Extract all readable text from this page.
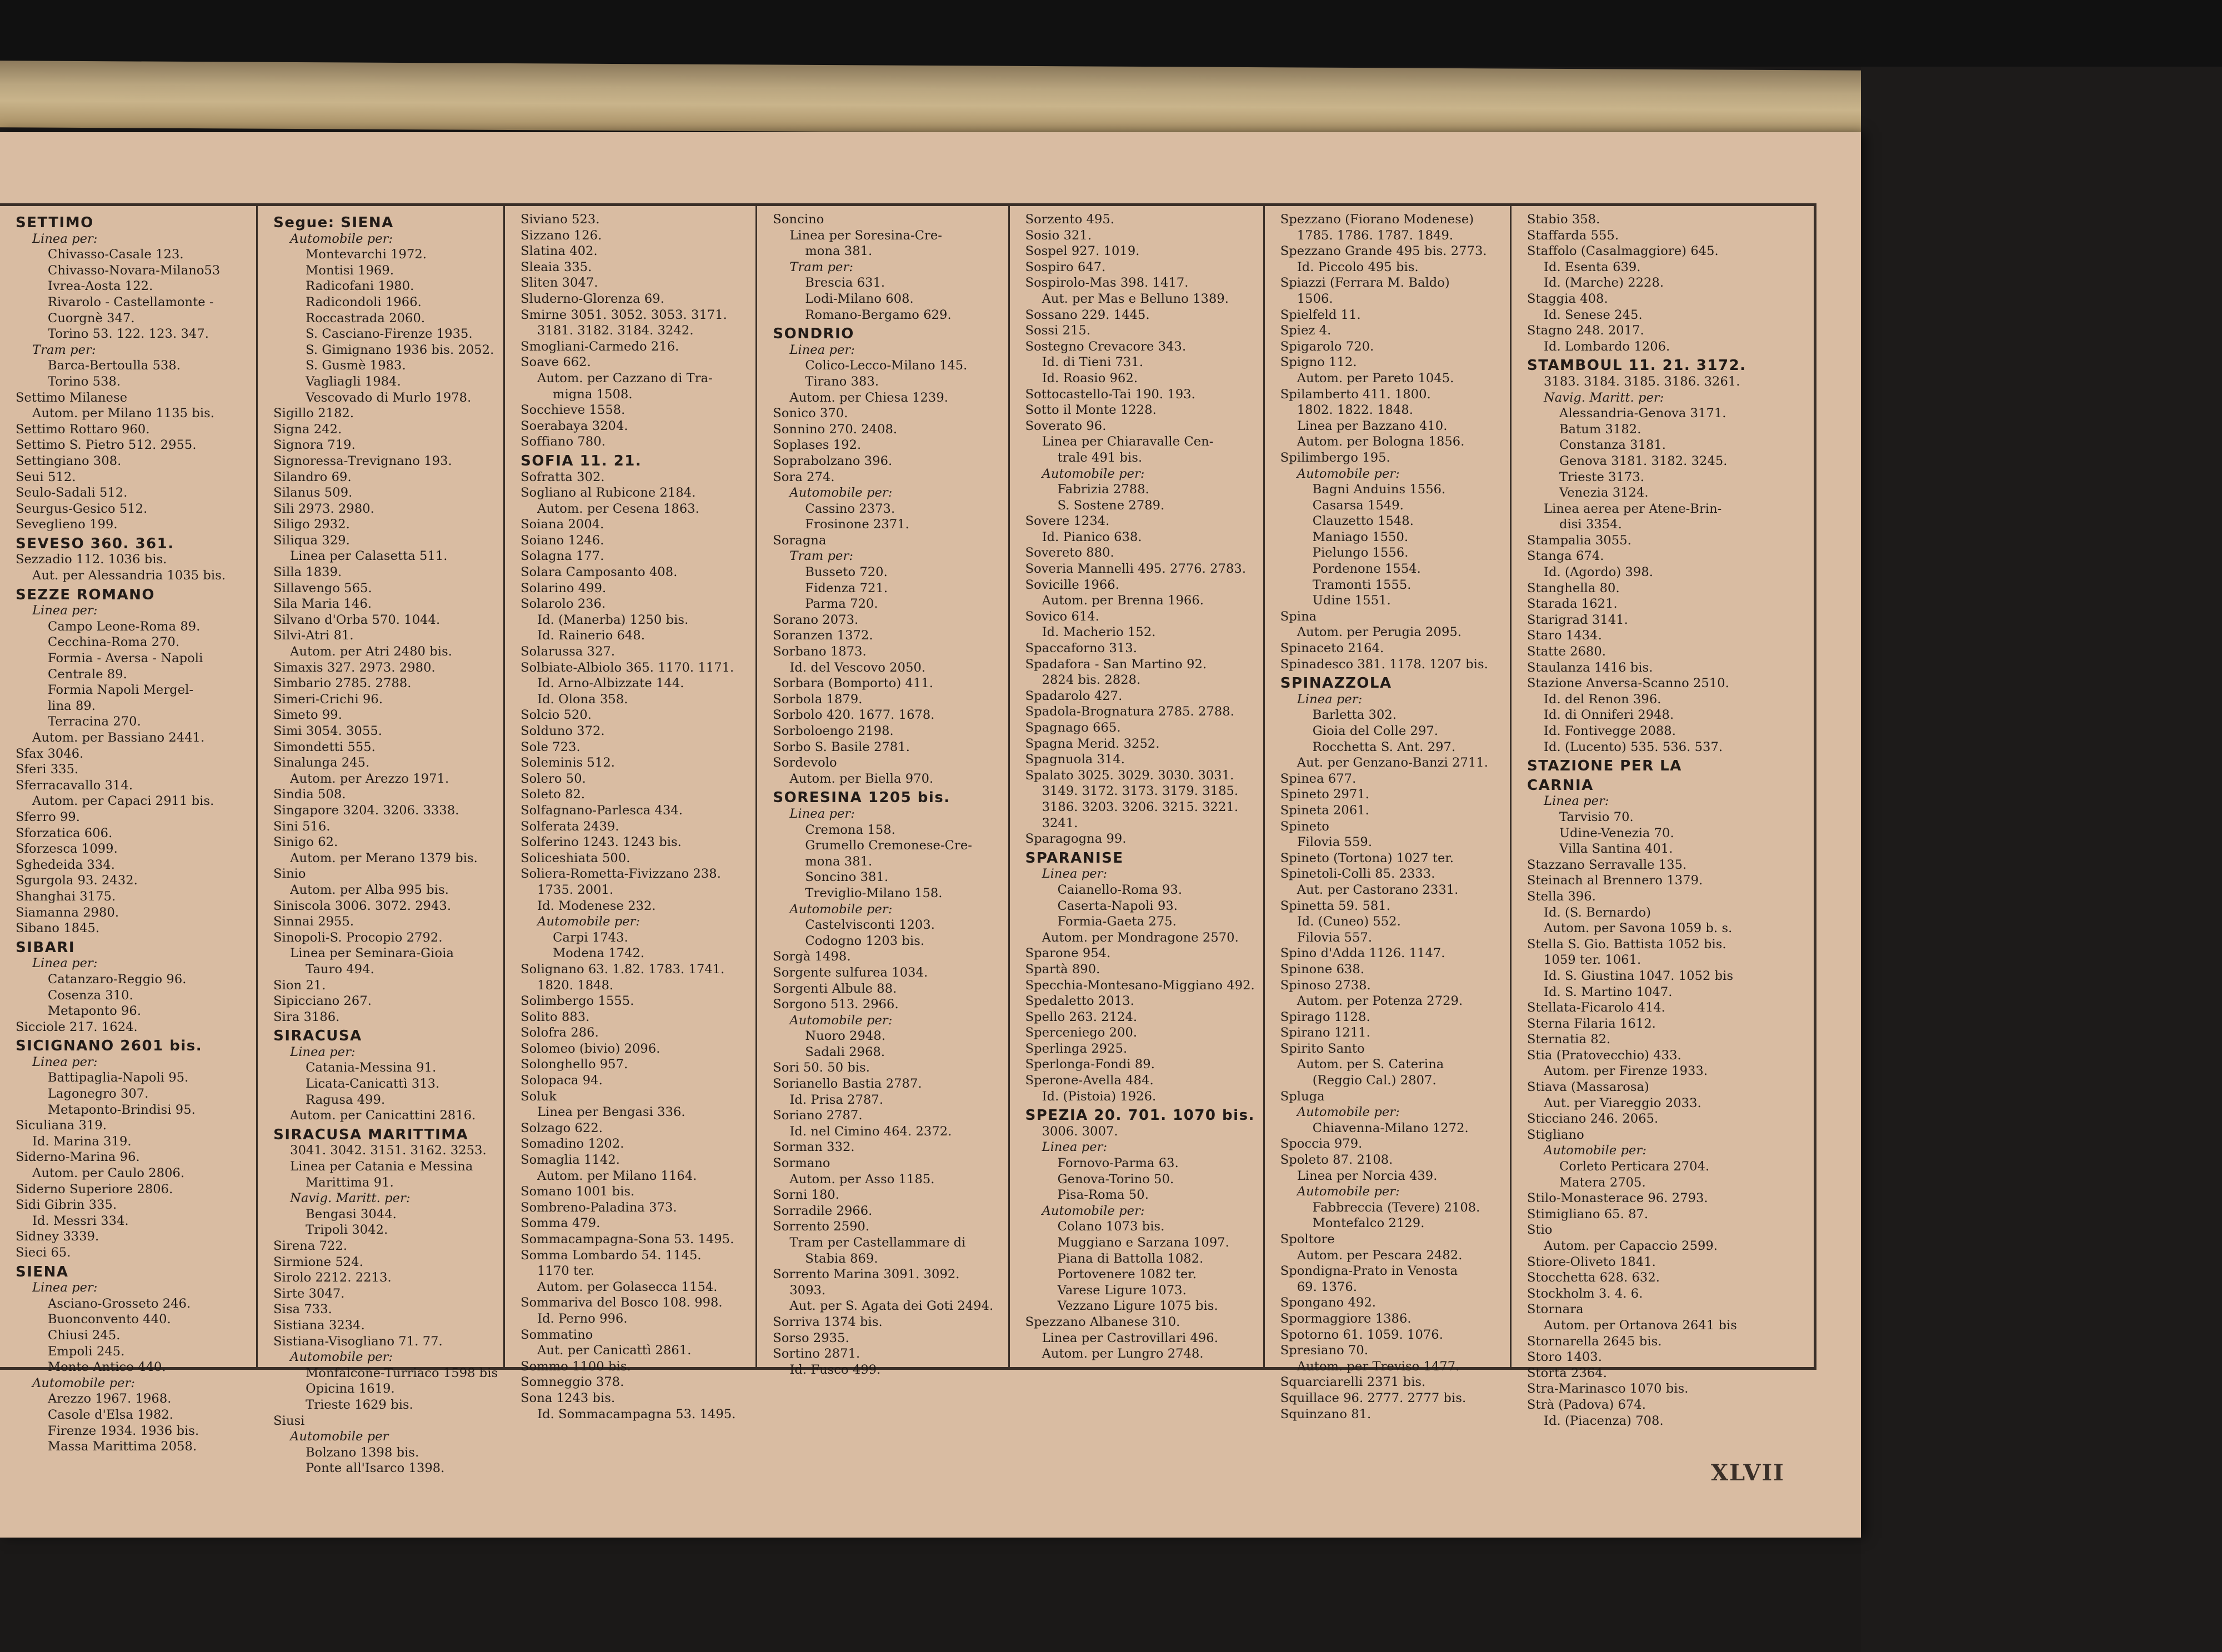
SETTIMO
Linea per:
Chivasso-Casale 123.
Chivasso-Novara-Milano53
Ivrea-Aosta 122.
Rivarolo - Castellamonte -
Cuorgnè 347.
Torino 53. 122. 123. 347.
Tram per:
Barca-Bertoulla 538.
Torino 538.
Settimo Milanese
Autom. per Milano 1135 bis.
Settimo Rottaro 960.
Settimo S. Pietro 512. 2955.
Settingiano 308.
Seui 512.
Seulo-Sadali 512.
Seurgus-Gesico 512.
Seveglieno 199.
SEVESO 360. 361.
Sezzadio 112. 1036 bis.
Aut. per Alessandria 1035 bis.
SEZZE ROMANO
Linea per:
Campo Leone-Roma 89.
Cecchina-Roma 270.
Formia - Aversa - Napoli
Centrale 89.
Formia Napoli Mergel-
lina 89.
Terracina 270.
Autom. per Bassiano 2441.
Sfax 3046.
Sferi 335.
Sferracavallo 314.
Autom. per Capaci 2911 bis.
Sferro 99.
Sforzatica 606.
Sforzesca 1099.
Sghedeida 334.
Sgurgola 93. 2432.
Shanghai 3175.
Siamanna 2980.
Sibano 1845.
SIBARI
Linea per:
Catanzaro-Reggio 96.
Cosenza 310.
Metaponto 96.
Sicciole 217. 1624.
SICIGNANO 2601 bis.
Linea per:
Battipaglia-Napoli 95.
Lagonegro 307.
Metaponto-Brindisi 95.
Siculiana 319.
Id. Marina 319.
Siderno-Marina 96.
Autom. per Caulo 2806.
Siderno Superiore 2806.
Sidi Gibrin 335.
Id. Messri 334.
Sidney 3339.
Sieci 65.
SIENA
Linea per:
Asciano-Grosseto 246.
Buonconvento 440.
Chiusi 245.
Empoli 245.
Monte Antico 440.
Automobile per:
Arezzo 1967. 1968.
Casole d'Elsa 1982.
Firenze 1934. 1936 bis.
Massa Marittima 2058.
Segue: SIENA
Automobile per:
Montevarchi 1972.
Montisi 1969.
Radicofani 1980.
Radicondoli 1966.
Roccastrada 2060.
S. Casciano-Firenze 1935.
S. Gimignano 1936 bis. 2052.
S. Gusmè 1983.
Vagliagli 1984.
Vescovado di Murlo 1978.
Sigillo 2182.
Signa 242.
Signora 719.
Signoressa-Trevignano 193.
Silandro 69.
Silanus 509.
Sili 2973. 2980.
Siligo 2932.
Siliqua 329.
Linea per Calasetta 511.
Silla 1839.
Sillavengo 565.
Sila Maria 146.
Silvano d'Orba 570. 1044.
Silvi-Atri 81.
Autom. per Atri 2480 bis.
Simaxis 327. 2973. 2980.
Simbario 2785. 2788.
Simeri-Crichi 96.
Simeto 99.
Simi 3054. 3055.
Simondetti 555.
Sinalunga 245.
Autom. per Arezzo 1971.
Sindia 508.
Singapore 3204. 3206. 3338.
Sini 516.
Sinigo 62.
Autom. per Merano 1379 bis.
Sinio
Autom. per Alba 995 bis.
Siniscola 3006. 3072. 2943.
Sinnai 2955.
Sinopoli-S. Procopio 2792.
Linea per Seminara-Gioia
Tauro 494.
Sion 21.
Sipicciano 267.
Sira 3186.
SIRACUSA
Linea per:
Catania-Messina 91.
Licata-Canicattì 313.
Ragusa 499.
Autom. per Canicattini 2816.
SIRACUSA MARITTIMA
3041. 3042. 3151. 3162. 3253.
Linea per Catania e Messina
Marittima 91.
Navig. Maritt. per:
Bengasi 3044.
Tripoli 3042.
Sirena 722.
Sirmione 524.
Sirolo 2212. 2213.
Sirte 3047.
Sisa 733.
Sistiana 3234.
Sistiana-Visogliano 71. 77.
Automobile per:
Monfalcone-Turriaco 1598 bis
Opicina 1619.
Trieste 1629 bis.
Siusi
Automobile per
Bolzano 1398 bis.
Ponte all'Isarco 1398.
Siviano 523.
Sizzano 126.
Slatina 402.
Sleaia 335.
Sliten 3047.
Sluderno-Glorenza 69.
Smirne 3051. 3052. 3053. 3171.
3181. 3182. 3184. 3242.
Smogliani-Carmedo 216.
Soave 662.
Autom. per Cazzano di Tra-
migna 1508.
Socchieve 1558.
Soerabaya 3204.
Soffiano 780.
SOFIA 11. 21.
Sofratta 302.
Sogliano al Rubicone 2184.
Autom. per Cesena 1863.
Soiana 2004.
Soiano 1246.
Solagna 177.
Solara Camposanto 408.
Solarino 499.
Solarolo 236.
Id. (Manerba) 1250 bis.
Id. Rainerio 648.
Solarussa 327.
Solbiate-Albiolo 365. 1170. 1171.
Id. Arno-Albizzate 144.
Id. Olona 358.
Solcio 520.
Solduno 372.
Sole 723.
Soleminis 512.
Solero 50.
Soleto 82.
Solfagnano-Parlesca 434.
Solferata 2439.
Solferino 1243. 1243 bis.
Soliceshiata 500.
Soliera-Rometta-Fivizzano 238.
1735. 2001.
Id. Modenese 232.
Automobile per:
Carpi 1743.
Modena 1742.
Solignano 63. 1.82. 1783. 1741.
1820. 1848.
Solimbergo 1555.
Solito 883.
Solofra 286.
Solomeo (bivio) 2096.
Solonghello 957.
Solopaca 94.
Soluk
Linea per Bengasi 336.
Solzago 622.
Somadino 1202.
Somaglia 1142.
Autom. per Milano 1164.
Somano 1001 bis.
Sombreno-Paladina 373.
Somma 479.
Sommacampagna-Sona 53. 1495.
Somma Lombardo 54. 1145.
1170 ter.
Autom. per Golasecca 1154.
Sommariva del Bosco 108. 998.
Id. Perno 996.
Sommatino
Aut. per Canicattì 2861.
Sommo 1100 bis.
Somneggio 378.
Sona 1243 bis.
Id. Sommacampagna 53. 1495.
Soncino
Linea per Soresina-Cre-
mona 381.
Tram per:
Brescia 631.
Lodi-Milano 608.
Romano-Bergamo 629.
SONDRIO
Linea per:
Colico-Lecco-Milano 145.
Tirano 383.
Autom. per Chiesa 1239.
Sonico 370.
Sonnino 270. 2408.
Soplases 192.
Soprabolzano 396.
Sora 274.
Automobile per:
Cassino 2373.
Frosinone 2371.
Soragna
Tram per:
Busseto 720.
Fidenza 721.
Parma 720.
Sorano 2073.
Soranzen 1372.
Sorbano 1873.
Id. del Vescovo 2050.
Sorbara (Bomporto) 411.
Sorbola 1879.
Sorbolo 420. 1677. 1678.
Sorboloengo 2198.
Sorbo S. Basile 2781.
Sordevolo
Autom. per Biella 970.
SORESINA 1205 bis.
Linea per:
Cremona 158.
Grumello Cremonese-Cre-
mona 381.
Soncino 381.
Treviglio-Milano 158.
Automobile per:
Castelvisconti 1203.
Codogno 1203 bis.
Sorgà 1498.
Sorgente sulfurea 1034.
Sorgenti Albule 88.
Sorgono 513. 2966.
Automobile per:
Nuoro 2948.
Sadali 2968.
Sori 50. 50 bis.
Sorianello Bastia 2787.
Id. Prisa 2787.
Soriano 2787.
Id. nel Cimino 464. 2372.
Sorman 332.
Sormano
Autom. per Asso 1185.
Sorni 180.
Sorradile 2966.
Sorrento 2590.
Tram per Castellammare di
Stabia 869.
Sorrento Marina 3091. 3092.
3093.
Aut. per S. Agata dei Goti 2494.
Sorriva 1374 bis.
Sorso 2935.
Sortino 2871.
Id. Fusco 499.
Sorzento 495.
Sosio 321.
Sospel 927. 1019.
Sospiro 647.
Sospirolo-Mas 398. 1417.
Aut. per Mas e Belluno 1389.
Sossano 229. 1445.
Sossi 215.
Sostegno Crevacore 343.
Id. di Tieni 731.
Id. Roasio 962.
Sottocastello-Tai 190. 193.
Sotto il Monte 1228.
Soverato 96.
Linea per Chiaravalle Cen-
trale 491 bis.
Automobile per:
Fabrizia 2788.
S. Sostene 2789.
Sovere 1234.
Id. Pianico 638.
Sovereto 880.
Soveria Mannelli 495. 2776. 2783.
Sovicille 1966.
Autom. per Brenna 1966.
Sovico 614.
Id. Macherio 152.
Spaccaforno 313.
Spadafora - San Martino 92.
2824 bis. 2828.
Spadarolo 427.
Spadola-Brognatura 2785. 2788.
Spagnago 665.
Spagna Merid. 3252.
Spagnuola 314.
Spalato 3025. 3029. 3030. 3031.
3149. 3172. 3173. 3179. 3185.
3186. 3203. 3206. 3215. 3221.
3241.
Sparagogna 99.
SPARANISE
Linea per:
Caianello-Roma 93.
Caserta-Napoli 93.
Formia-Gaeta 275.
Autom. per Mondragone 2570.
Sparone 954.
Spartà 890.
Specchia-Montesano-Miggiano 492.
Spedaletto 2013.
Spello 263. 2124.
Sperceniego 200.
Sperlinga 2925.
Sperlonga-Fondi 89.
Sperone-Avella 484.
Id. (Pistoia) 1926.
SPEZIA 20. 701. 1070 bis.
3006. 3007.
Linea per:
Fornovo-Parma 63.
Genova-Torino 50.
Pisa-Roma 50.
Automobile per:
Colano 1073 bis.
Muggiano e Sarzana 1097.
Piana di Battolla 1082.
Portovenere 1082 ter.
Varese Ligure 1073.
Vezzano Ligure 1075 bis.
Spezzano Albanese 310.
Linea per Castrovillari 496.
Autom. per Lungro 2748.
Spezzano (Fiorano Modenese)
1785. 1786. 1787. 1849.
Spezzano Grande 495 bis. 2773.
Id. Piccolo 495 bis.
Spiazzi (Ferrara M. Baldo)
1506.
Spielfeld 11.
Spiez 4.
Spigarolo 720.
Spigno 112.
Autom. per Pareto 1045.
Spilamberto 411. 1800.
1802. 1822. 1848.
Linea per Bazzano 410.
Autom. per Bologna 1856.
Spilimbergo 195.
Automobile per:
Bagni Anduins 1556.
Casarsa 1549.
Clauzetto 1548.
Maniago 1550.
Pielungo 1556.
Pordenone 1554.
Tramonti 1555.
Udine 1551.
Spina
Autom. per Perugia 2095.
Spinaceto 2164.
Spinadesco 381. 1178. 1207 bis.
SPINAZZOLA
Linea per:
Barletta 302.
Gioia del Colle 297.
Rocchetta S. Ant. 297.
Aut. per Genzano-Banzi 2711.
Spinea 677.
Spineto 2971.
Spineta 2061.
Spineto
Filovia 559.
Spineto (Tortona) 1027 ter.
Spinetoli-Colli 85. 2333.
Aut. per Castorano 2331.
Spinetta 59. 581.
Id. (Cuneo) 552.
Filovia 557.
Spino d'Adda 1126. 1147.
Spinone 638.
Spinoso 2738.
Autom. per Potenza 2729.
Spirago 1128.
Spirano 1211.
Spirito Santo
Autom. per S. Caterina
(Reggio Cal.) 2807.
Spluga
Automobile per:
Chiavenna-Milano 1272.
Spoccia 979.
Spoleto 87. 2108.
Linea per Norcia 439.
Automobile per:
Fabbreccia (Tevere) 2108.
Montefalco 2129.
Spoltore
Autom. per Pescara 2482.
Spondigna-Prato in Venosta
69. 1376.
Spongano 492.
Spormaggiore 1386.
Spotorno 61. 1059. 1076.
Spresiano 70.
Autom. per Treviso 1477.
Squarciarelli 2371 bis.
Squillace 96. 2777. 2777 bis.
Squinzano 81.
Stabio 358.
Staffarda 555.
Staffolo (Casalmaggiore) 645.
Id. Esenta 639.
Id. (Marche) 2228.
Staggia 408.
Id. Senese 245.
Stagno 248. 2017.
Id. Lombardo 1206.
STAMBOUL 11. 21. 3172.
3183. 3184. 3185. 3186. 3261.
Navig. Maritt. per:
Alessandria-Genova 3171.
Batum 3182.
Constanza 3181.
Genova 3181. 3182. 3245.
Trieste 3173.
Venezia 3124.
Linea aerea per Atene-Brin-
disi 3354.
Stampalia 3055.
Stanga 674.
Id. (Agordo) 398.
Stanghella 80.
Starada 1621.
Starigrad 3141.
Staro 1434.
Statte 2680.
Staulanza 1416 bis.
Stazione Anversa-Scanno 2510.
Id. del Renon 396.
Id. di Onniferi 2948.
Id. Fontivegge 2088.
Id. (Lucento) 535. 536. 537.
STAZIONE PER LA
CARNIA
Linea per:
Tarvisio 70.
Udine-Venezia 70.
Villa Santina 401.
Stazzano Serravalle 135.
Steinach al Brennero 1379.
Stella 396.
Id. (S. Bernardo)
Autom. per Savona 1059 b. s.
Stella S. Gio. Battista 1052 bis.
1059 ter. 1061.
Id. S. Giustina 1047. 1052 bis
Id. S. Martino 1047.
Stellata-Ficarolo 414.
Sterna Filaria 1612.
Sternatia 82.
Stia (Pratovecchio) 433.
Autom. per Firenze 1933.
Stiava (Massarosa)
Aut. per Viareggio 2033.
Sticciano 246. 2065.
Stigliano
Automobile per:
Corleto Perticara 2704.
Matera 2705.
Stilo-Monasterace 96. 2793.
Stimigliano 65. 87.
Stio
Autom. per Capaccio 2599.
Stiore-Oliveto 1841.
Stocchetta 628. 632.
Stockholm 3. 4. 6.
Stornara
Autom. per Ortanova 2641 bis
Stornarella 2645 bis.
Storo 1403.
Storta 2364.
Stra-Marinasco 1070 bis.
Strà (Padova) 674.
Id. (Piacenza) 708.
XLVII
